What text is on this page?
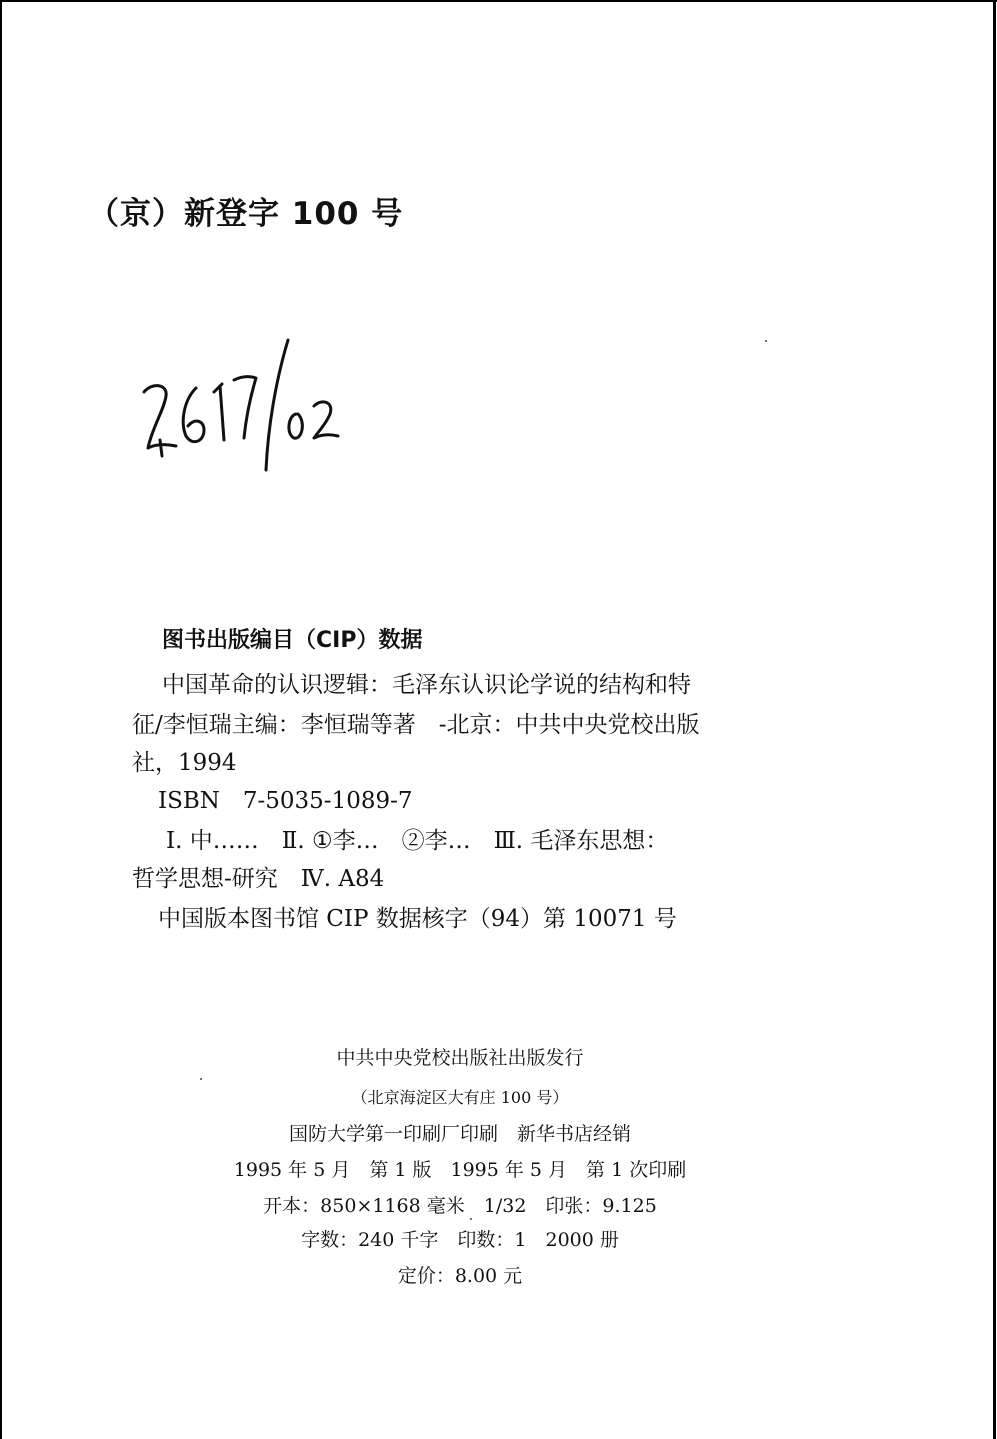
（京）新登字 100 号
图书出版编目（CIP）数据
中国革命的认识逻辑：毛泽东认识论学说的结构和特
征/李恒瑞主编：李恒瑞等著　-北京：中共中央党校出版
社，1994
ISBN　7-5035-1089-7
Ⅰ. 中……　Ⅱ. ①李…　②李…　Ⅲ. 毛泽东思想：
哲学思想-研究　Ⅳ. A84
中国版本图书馆 CIP 数据核字（94）第 10071 号
中共中央党校出版社出版发行
（北京海淀区大有庄 100 号）
国防大学第一印刷厂印刷　新华书店经销
1995 年 5 月　第 1 版　1995 年 5 月　第 1 次印刷
开本：850×1168 毫米　1/32　印张：9.125
字数：240 千字　印数：1　2000 册
定价：8.00 元
